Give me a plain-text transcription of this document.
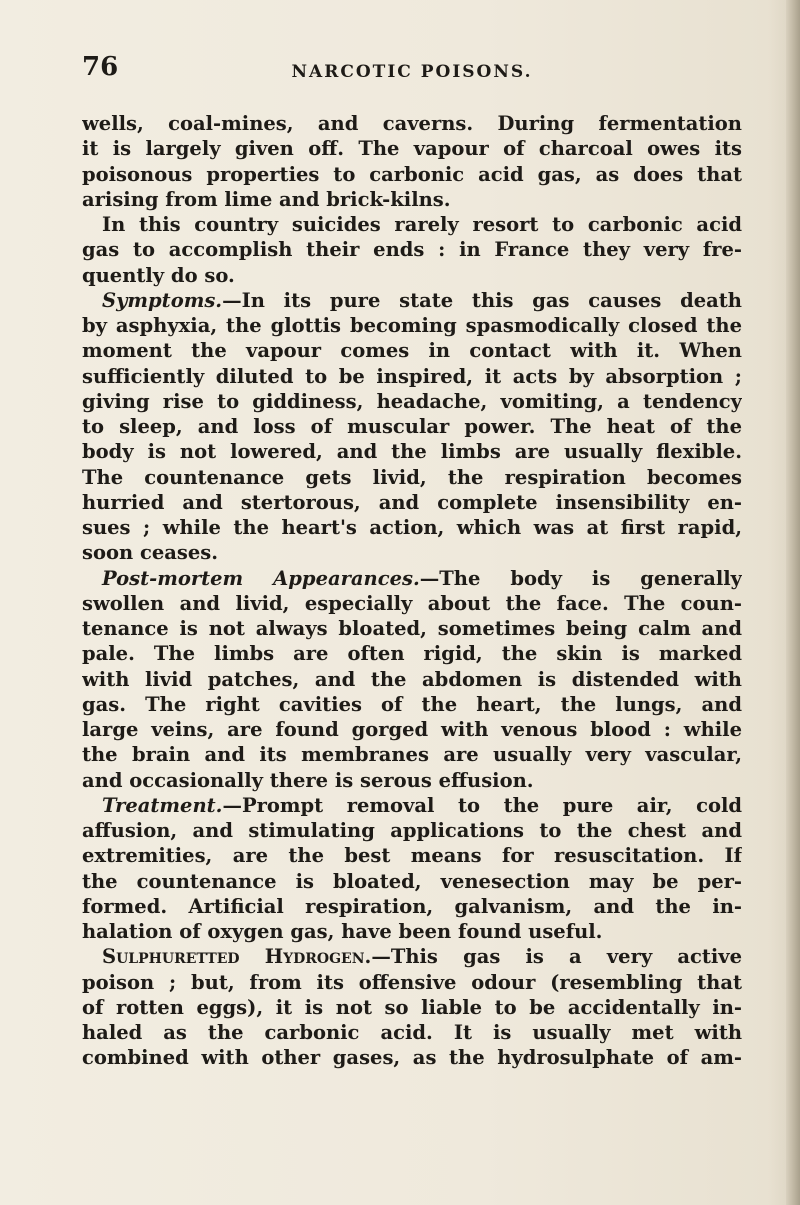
76	NARCOTIC POISONS.
wells, coal-mines, and caverns. During fermentation
it is largely given off. The vapour of charcoal owes its
poisonous properties to carbonic acid gas, as does that
arising from lime and brick-kilns.
In this country suicides rarely resort to carbonic acid
gas to accomplish their ends : in France they very fre-
quently do so.
Symptoms.—In its pure state this gas causes death
by asphyxia, the glottis becoming spasmodically closed the
moment the vapour comes in contact with it. When
sufficiently diluted to be inspired, it acts by absorption ;
giving rise to giddiness, headache, vomiting, a tendency
to sleep, and loss of muscular power. The heat of the
body is not lowered, and the limbs are usually flexible.
The countenance gets livid, the respiration becomes
hurried and stertorous, and complete insensibility en-
sues ; while the heart's action, which was at first rapid,
soon ceases.
Post-mortem Appearances.—The body is generally
swollen and livid, especially about the face. The coun-
tenance is not always bloated, sometimes being calm and
pale. The limbs are often rigid, the skin is marked
with livid patches, and the abdomen is distended with
gas. The right cavities of the heart, the lungs, and
large veins, are found gorged with venous blood : while
the brain and its membranes are usually very vascular,
and occasionally there is serous effusion.
Treatment.—Prompt removal to the pure air, cold
affusion, and stimulating applications to the chest and
extremities, are the best means for resuscitation. If
the countenance is bloated, venesection may be per-
formed. Artificial respiration, galvanism, and the in-
halation of oxygen gas, have been found useful.
Sulphuretted Hydrogen.—This gas is a very active
poison ; but, from its offensive odour (resembling that
of rotten eggs), it is not so liable to be accidentally in-
haled as the carbonic acid. It is usually met with
combined with other gases, as the hydrosulphate of am-
